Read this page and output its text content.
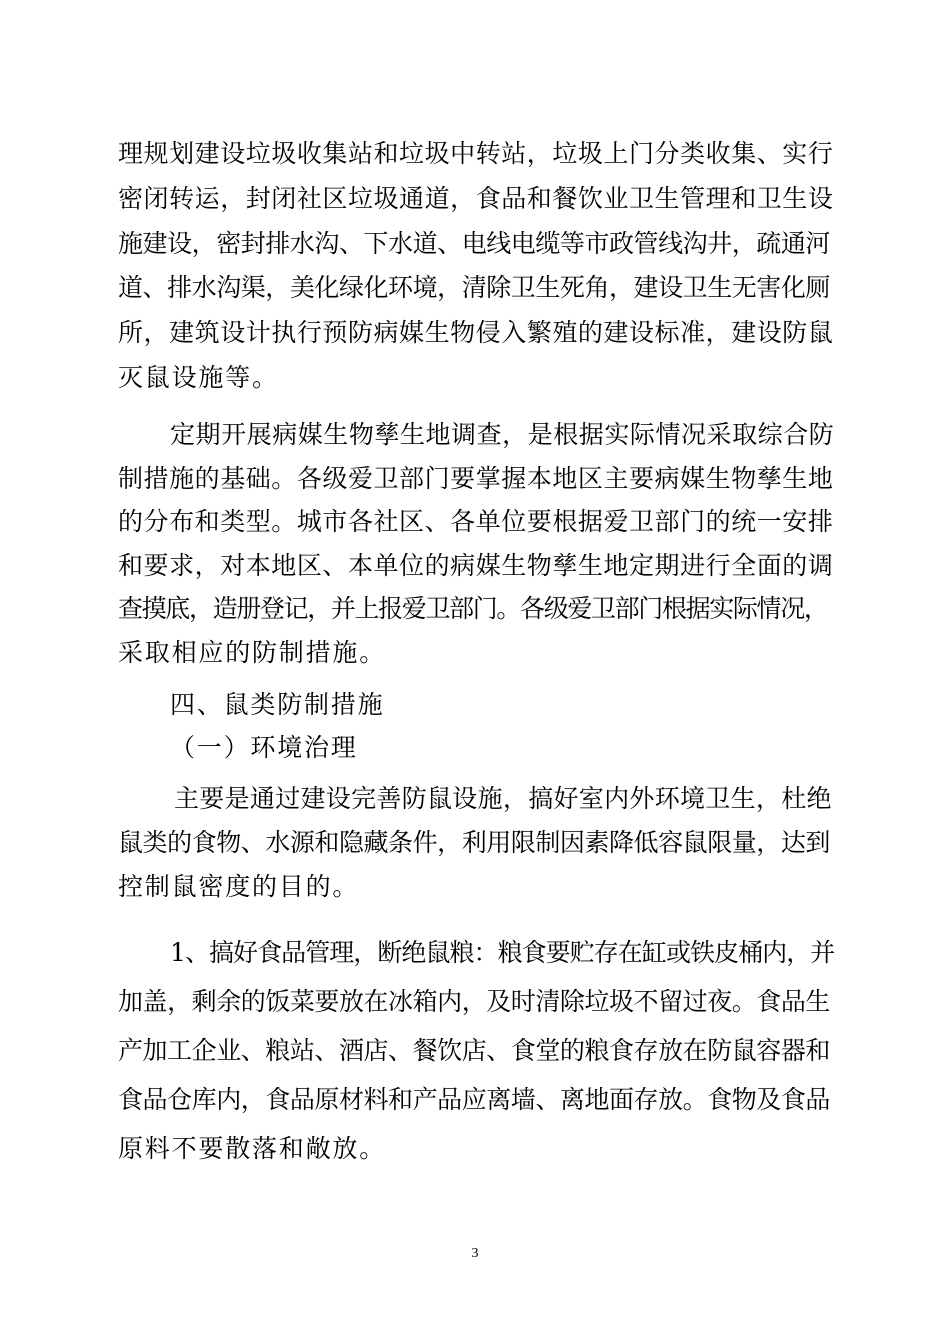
理规划建设垃圾收集站和垃圾中转站，垃圾上门分类收集、实行
密闭转运，封闭社区垃圾通道，食品和餐饮业卫生管理和卫生设
施建设，密封排水沟、下水道、电线电缆等市政管线沟井，疏通河
道、排水沟渠，美化绿化环境，清除卫生死角，建设卫生无害化厕
所，建筑设计执行预防病媒生物侵入繁殖的建设标准，建设防鼠
灭鼠设施等。
定期开展病媒生物孳生地调查，是根据实际情况采取综合防
制措施的基础。各级爱卫部门要掌握本地区主要病媒生物孳生地
的分布和类型。城市各社区、各单位要根据爱卫部门的统一安排
和要求，对本地区、本单位的病媒生物孳生地定期进行全面的调
查摸底，造册登记，并上报爱卫部门。各级爱卫部门根据实际情况，
采取相应的防制措施。
四、鼠类防制措施
（一）环境治理
主要是通过建设完善防鼠设施，搞好室内外环境卫生，杜绝
鼠类的食物、水源和隐藏条件，利用限制因素降低容鼠限量，达到
控制鼠密度的目的。
1、搞好食品管理，断绝鼠粮：粮食要贮存在缸或铁皮桶内，并
加盖，剩余的饭菜要放在冰箱内，及时清除垃圾不留过夜。食品生
产加工企业、粮站、酒店、餐饮店、食堂的粮食存放在防鼠容器和
食品仓库内，食品原材料和产品应离墙、离地面存放。食物及食品
原料不要散落和敞放。
3
